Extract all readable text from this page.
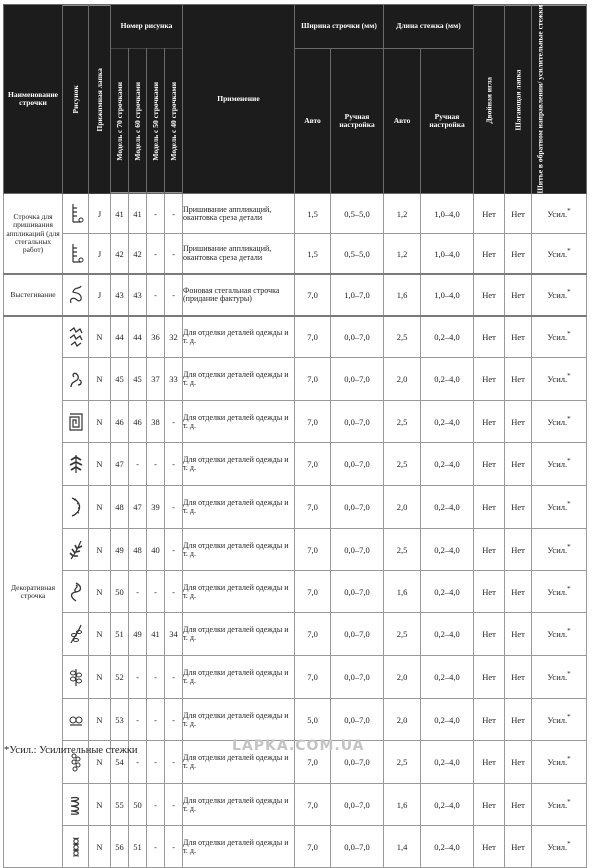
Наименование строчки	Рисунок	Прижимная лапка	Номер рисунка				Применение	Ширина строчки (мм)		Длина стежка (мм)		Двойная игла	Шагающая лапка	Шитье в обратном направлении/ усилительные стежки
			Модель с 70 строчками	Модель с 60 строчками	Модель с 50 строчками	Модель с 40 строчками		Авто	Ручная настройка	Авто	Ручная настройка			
Строчка для пришивания аппликаций (для стегальных работ)		J	41	41	-	-	Пришивание аппликаций, окантовка среза детали	1,5	0,5–5,0	1,2	1,0–4,0	Нет	Нет	Усил.*

	J	42	42	-	-	Пришивание аппликаций, окантовка среза детали	1,5	0,5–5,0	1,2	1,0–4,0	Нет	Нет	Усил.*
Выстегивание		J	43	43	-	-	Фоновая стегальная строчка (придание фактуры)	7,0	1,0–7,0	1,6	1,0–4,0	Нет	Нет	Усил.*
Декоративная строчка		N	44	44	36	32	Для отделки деталей одежды и т. д.	7,0	0,0–7,0	2,5	0,2–4,0	Нет	Нет	Усил.*

	N	45	45	37	33	Для отделки деталей одежды и т. д.	7,0	0,0–7,0	2,0	0,2–4,0	Нет	Нет	Усил.*

	N	46	46	38	-	Для отделки деталей одежды и т. д.	7,0	0,0–7,0	2,5	0,2–4,0	Нет	Нет	Усил.*

	N	47	-	-	-	Для отделки деталей одежды и т. д.	7,0	0,0–7,0	2,5	0,2–4,0	Нет	Нет	Усил.*

	N	48	47	39	-	Для отделки деталей одежды и т. д.	7,0	0,0–7,0	2,0	0,2–4,0	Нет	Нет	Усил.*

	N	49	48	40	-	Для отделки деталей одежды и т. д.	7,0	0,0–7,0	2,5	0,2–4,0	Нет	Нет	Усил.*

	N	50	-	-	-	Для отделки деталей одежды и т. д.	7,0	0,0–7,0	1,6	0,2–4,0	Нет	Нет	Усил.*

	N	51	49	41	34	Для отделки деталей одежды и т. д.	7,0	0,0–7,0	2,5	0,2–4,0	Нет	Нет	Усил.*

	N	52	-	-	-	Для отделки деталей одежды и т. д.	7,0	0,0–7,0	2,0	0,2–4,0	Нет	Нет	Усил.*

	N	53	-	-	-	Для отделки деталей одежды и т. д.	5,0	0,0–7,0	2,0	0,2–4,0	Нет	Нет	Усил.*

	N	54	-	-	-	Для отделки деталей одежды и т. д.	7,0	0,0–7,0	2,5	0,2–4,0	Нет	Нет	Усил.*

	N	55	50	-	-	Для отделки деталей одежды и т. д.	7,0	0,0–7,0	1,6	0,2–4,0	Нет	Нет	Усил.*

	N	56	51	-	-	Для отделки деталей одежды и т. д.	7,0	0,0–7,0	1,4	0,2–4,0	Нет	Нет	Усил.*
*Усил.: Усилительные стежки	LAPKA.COM.UA
